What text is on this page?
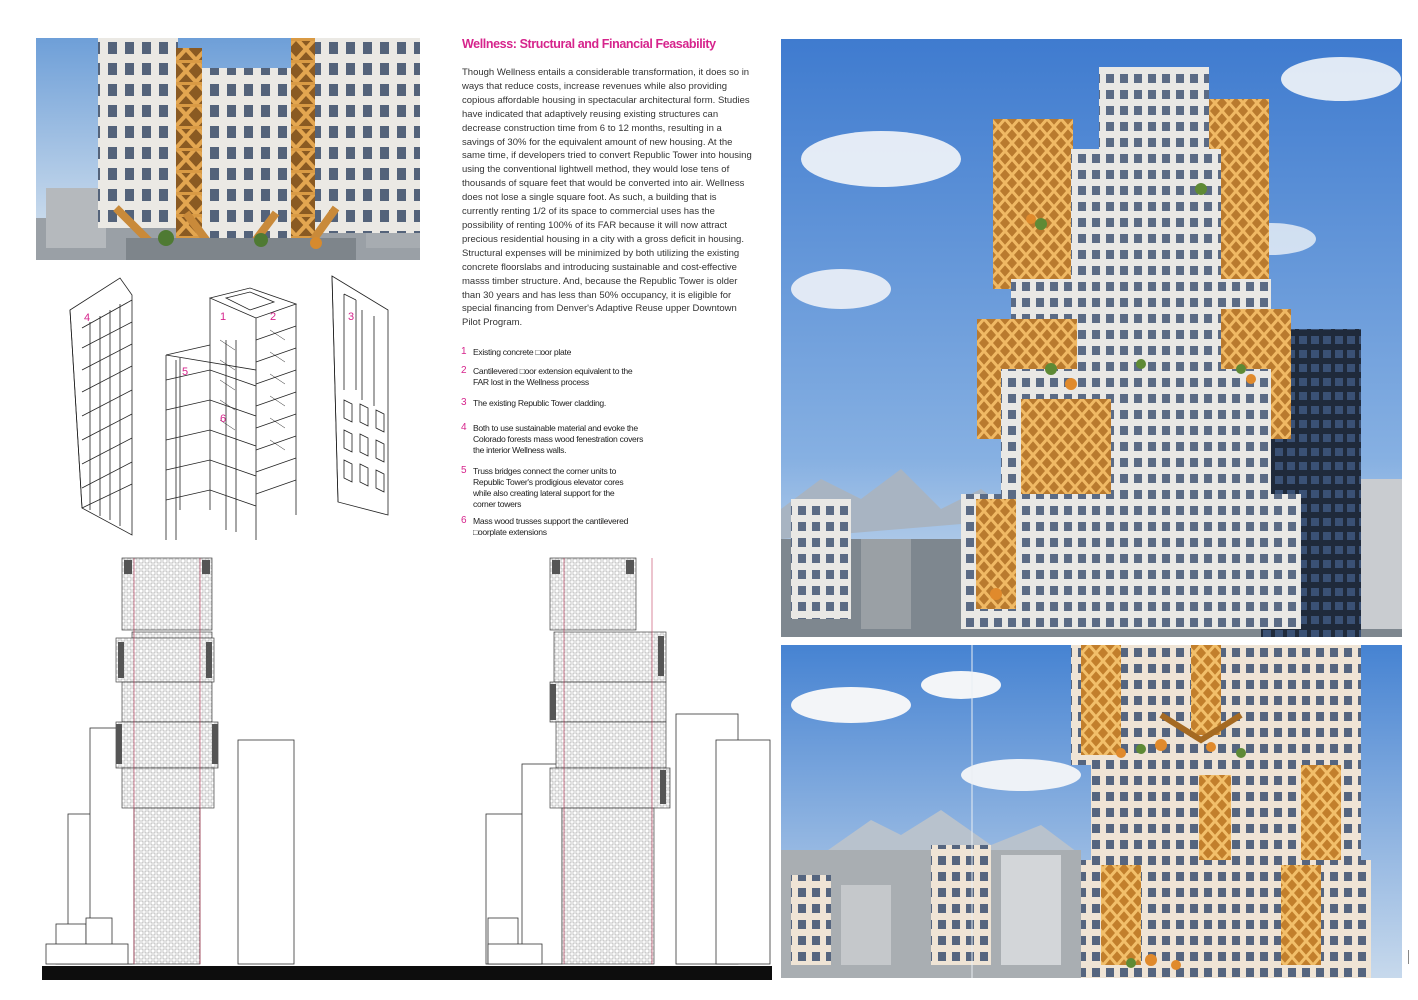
4	1	2	3
5
6
Wellness: Structural and Financial Feasability
Though Wellness entails a considerable transformation, it does so in ways that reduce costs, increase revenues while also providing copious affordable housing in spectacular architectural form. Studies have indicated that adaptively reusing existing structures can decrease construction time from 6 to 12 months, resulting in a savings of 30% for the equivalent amount of new housing. At the same time, if developers tried to convert Republic Tower into housing using the conventional lightwell method, they would lose tens of thousands of square feet that would be converted into air. Wellness does not lose a single square foot. As such, a building that is currently renting 1/2 of its space to commercial uses has the possibility of renting 100% of its FAR because it will now attract precious residential housing in a city with a gross deficit in housing. Structural expenses will be minimized by both utilizing the existing concrete floorslabs and introducing sustainable and cost-effective masss timber structure. And, because the Republic Tower is older than 30 years and has less than 50% occupancy, it is eligible for special financing from Denver's Adaptive Reuse upper Downtown Pilot Program.
1 Existing concrete □oor plate
2 Cantilevered □oor extension equivalent to the FAR lost in the Wellness process
3 The existing Republic Tower cladding.
4 Both to use sustainable material and evoke the Colorado forests mass wood fenestration covers the interior Wellness walls.
5 Truss bridges connect the corner units to Republic Tower's prodigious elevator cores while also creating lateral support for the corner towers
6 Mass wood trusses support the cantilevered □oorplate extensions
